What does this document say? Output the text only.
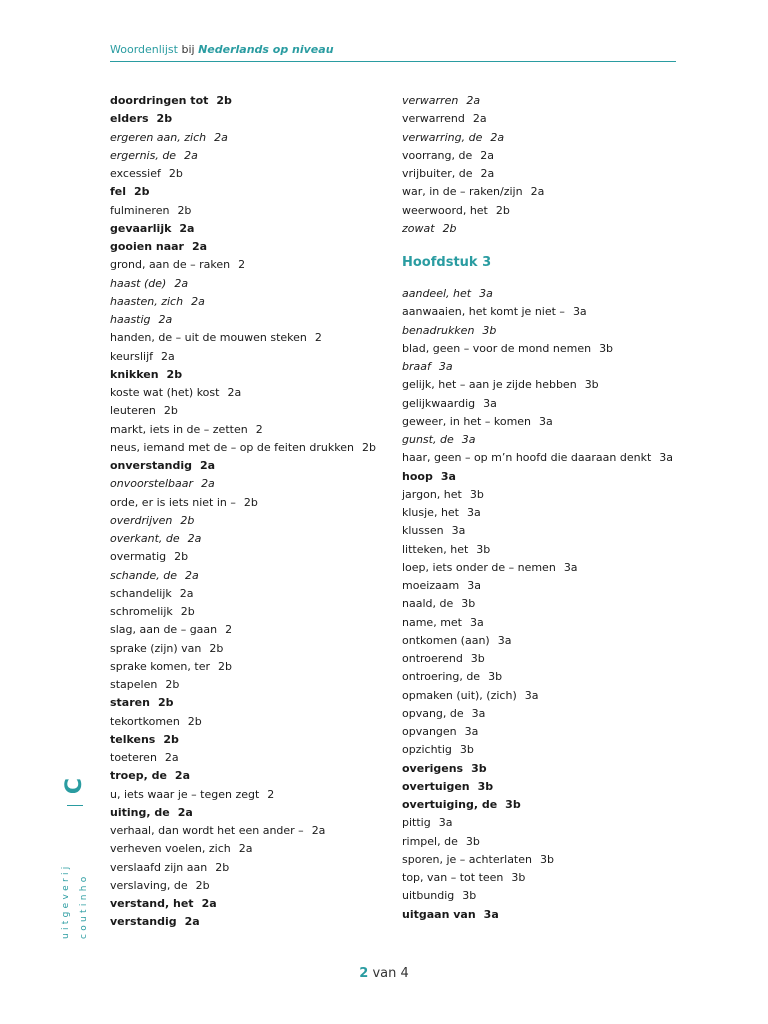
Woordenlijst bij Nederlands op niveau
doordringen tot 2b
elders 2b
ergeren aan, zich 2a
ergernis, de 2a
excessief 2b
fel 2b
fulmineren 2b
gevaarlijk 2a
gooien naar 2a
grond, aan de – raken 2
haast (de) 2a
haasten, zich 2a
haastig 2a
handen, de – uit de mouwen steken 2
keurslijf 2a
knikken 2b
koste wat (het) kost 2a
leuteren 2b
markt, iets in de – zetten 2
neus, iemand met de – op de feiten drukken 2b
onverstandig 2a
onvoorstelbaar 2a
orde, er is iets niet in – 2b
overdrijven 2b
overkant, de 2a
overmatig 2b
schande, de 2a
schandelijk 2a
schromelijk 2b
slag, aan de – gaan 2
sprake (zijn) van 2b
sprake komen, ter 2b
stapelen 2b
staren 2b
tekortkomen 2b
telkens 2b
toeteren 2a
troep, de 2a
u, iets waar je – tegen zegt 2
uiting, de 2a
verhaal, dan wordt het een ander – 2a
verheven voelen, zich 2a
verslaafd zijn aan 2b
verslaving, de 2b
verstand, het 2a
verstandig 2a
verwarren 2a
verwarrend 2a
verwarring, de 2a
voorrang, de 2a
vrijbuiter, de 2a
war, in de – raken/zijn 2a
weerwoord, het 2b
zowat 2b
Hoofdstuk 3
aandeel, het 3a
aanwaaien, het komt je niet – 3a
benadrukken 3b
blad, geen – voor de mond nemen 3b
braaf 3a
gelijk, het – aan je zijde hebben 3b
gelijkwaardig 3a
geweer, in het – komen 3a
gunst, de 3a
haar, geen – op m’n hoofd die daaraan denkt 3a
hoop 3a
jargon, het 3b
klusje, het 3a
klussen 3a
litteken, het 3b
loep, iets onder de – nemen 3a
moeizaam 3a
naald, de 3b
name, met 3a
ontkomen (aan) 3a
ontroerend 3b
ontroering, de 3b
opmaken (uit), (zich) 3a
opvang, de 3a
opvangen 3a
opzichtig 3b
overigens 3b
overtuigen 3b
overtuiging, de 3b
pittig 3a
rimpel, de 3b
sporen, je – achterlaten 3b
top, van – tot teen 3b
uitbundig 3b
uitgaan van 3a
C
uitgeverij coutinho
2 van 4
